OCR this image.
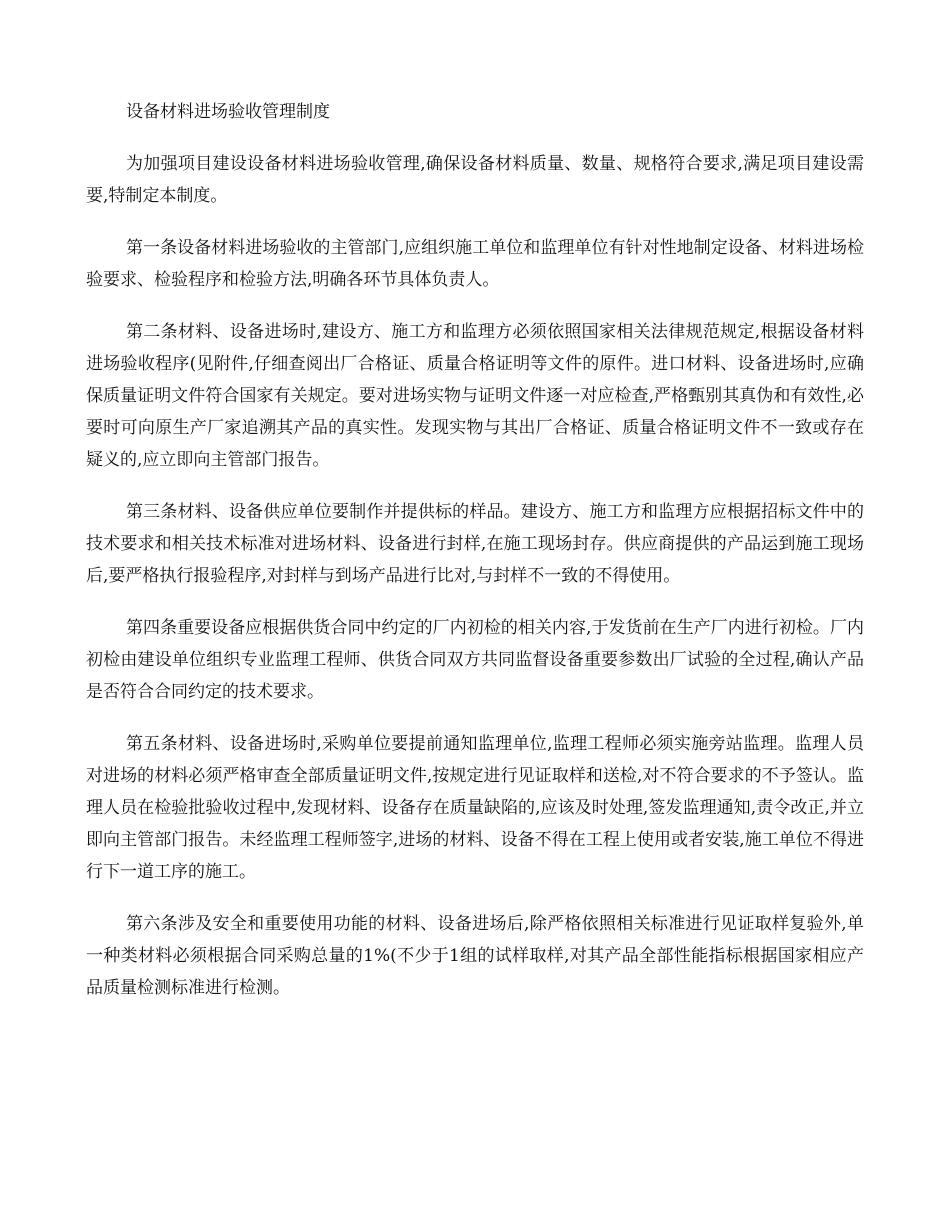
设备材料进场验收管理制度

为加强项目建设设备材料进场验收管理,确保设备材料质量、数量、规格符合要求,满足项目建设需要,特制定本制度。

第一条设备材料进场验收的主管部门,应组织施工单位和监理单位有针对性地制定设备、材料进场检验要求、检验程序和检验方法,明确各环节具体负责人。

第二条材料、设备进场时,建设方、施工方和监理方必须依照国家相关法律规范规定,根据设备材料进场验收程序(见附件,仔细查阅出厂合格证、质量合格证明等文件的原件。进口材料、设备进场时,应确保质量证明文件符合国家有关规定。要对进场实物与证明文件逐一对应检查,严格甄别其真伪和有效性,必要时可向原生产厂家追溯其产品的真实性。发现实物与其出厂合格证、质量合格证明文件不一致或存在疑义的,应立即向主管部门报告。

第三条材料、设备供应单位要制作并提供标的样品。建设方、施工方和监理方应根据招标文件中的技术要求和相关技术标准对进场材料、设备进行封样,在施工现场封存。供应商提供的产品运到施工现场后,要严格执行报验程序,对封样与到场产品进行比对,与封样不一致的不得使用。

第四条重要设备应根据供货合同中约定的厂内初检的相关内容,于发货前在生产厂内进行初检。厂内初检由建设单位组织专业监理工程师、供货合同双方共同监督设备重要参数出厂试验的全过程,确认产品是否符合合同约定的技术要求。

第五条材料、设备进场时,采购单位要提前通知监理单位,监理工程师必须实施旁站监理。监理人员对进场的材料必须严格审查全部质量证明文件,按规定进行见证取样和送检,对不符合要求的不予签认。监理人员在检验批验收过程中,发现材料、设备存在质量缺陷的,应该及时处理,签发监理通知,责令改正,并立即向主管部门报告。未经监理工程师签字,进场的材料、设备不得在工程上使用或者安装,施工单位不得进行下一道工序的施工。

第六条涉及安全和重要使用功能的材料、设备进场后,除严格依照相关标准进行见证取样复验外,单一种类材料必须根据合同采购总量的1%(不少于1组的试样取样,对其产品全部性能指标根据国家相应产品质量检测标准进行检测。
